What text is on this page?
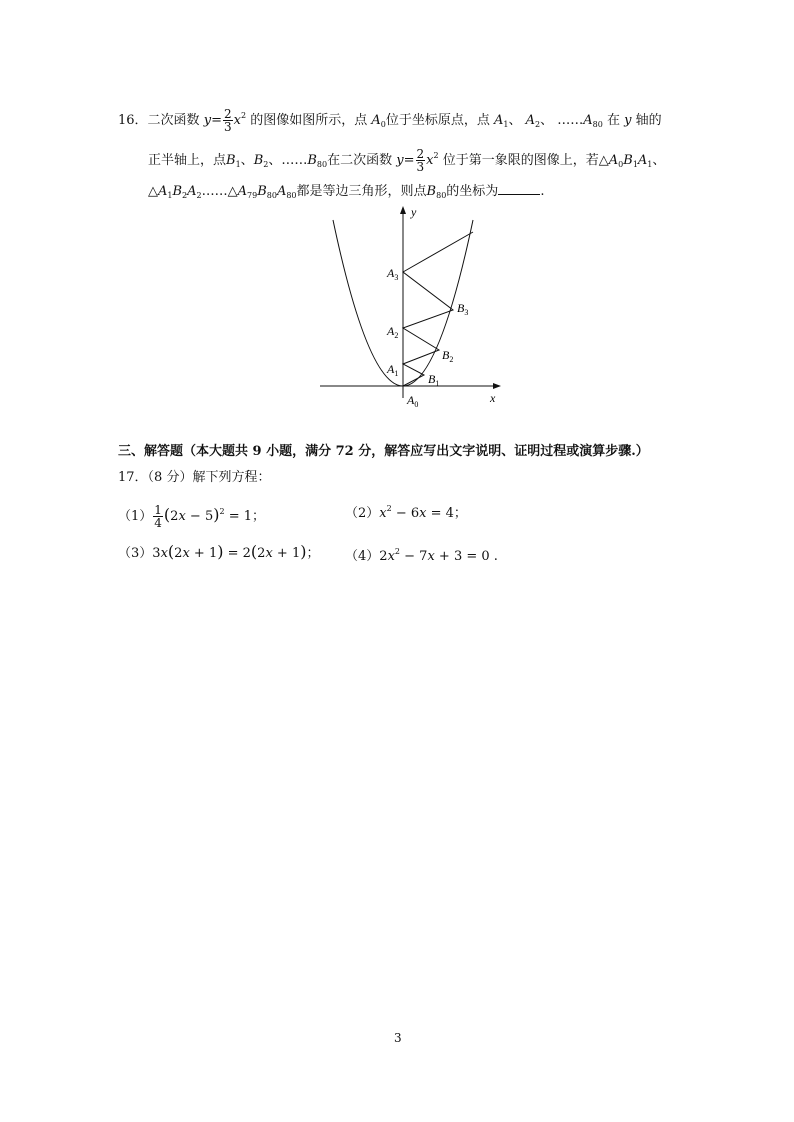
16．二次函数 $y= \frac{2}{3} x^2$ 的图像如图所示，点 $A_0$位于坐标原点，点 $A_1$、 $A_2$、 $\dots\dots A_{80}$ 在 y 轴的
正半轴上，点$B_1$、$B_2$、$\dots\dots B_{80}$在二次函数 $y= \frac{2}{3} x^2$ 位于第一象限的图像上，若$\triangle A_0B_1A_1$、
$\triangle A_1B_2A_2\dots\dots\triangle A_{79}B_{80}A_{80}$都是等边三角形，则点$B_{80}$的坐标为	.
y
x
$A_0$
$A_1$
$A_2$
$A_3$
$B_1$
$B_2$
$B_3$
三、解答题（本大题共 9 小题，满分 72 分，解答应写出文字说明、证明过程或演算步骤.）
17．（8 分）解下列方程：
$(1) \frac{1}{4} (2x - 5)^2 = 1$；	$(2)x^2 - 6x = 4$；
（3）3x(2x + 1) = 2(2x + 1)； $(4)2x^2 - 7x + 3 = 0$ .
3
